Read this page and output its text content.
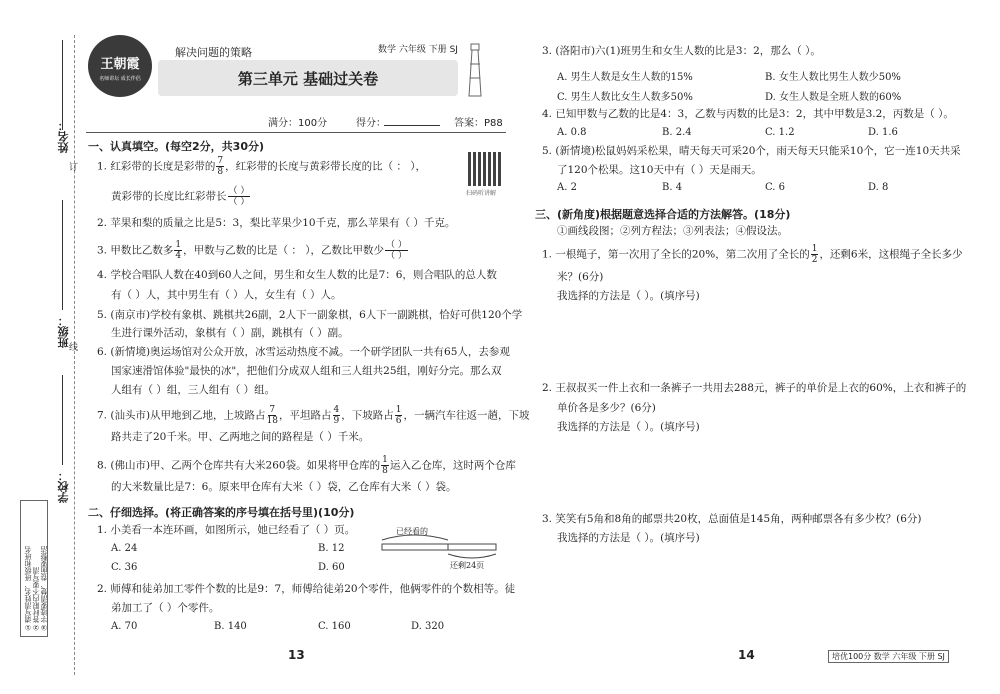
姓名：
班级：
学校：
订
线
①请写清姓名、班级和班名 ②答时限内不要写清 ③字迹要清楚、卷面要整洁
王朝霞
名师讲坛 成长伴侣
解决问题的策略	数学 六年级 下册 SJ
第三单元 基础过关卷
满分：100分	得分：	答案：P88
扫码听讲解
一、认真填空。(每空2分，共30分)
1. 红彩带的长度是彩带的 $\frac{7}{8}$ ，红彩带的长度与黄彩带长度的比（ ： ），
黄彩带的长度比红彩带长 $\frac{( )}{( )}$
2. 苹果和梨的质量之比是5：3，梨比苹果少10千克，那么苹果有（ ）千克。
3. 甲数比乙数多 $\frac{1}{4}$ ，甲数与乙数的比是（ ： ），乙数比甲数少 $\frac{( )}{( )}$
4. 学校合唱队人数在40到60人之间，男生和女生人数的比是7：6，则合唱队的总人数
有（ ）人，其中男生有（ ）人，女生有（ ）人。
5. (南京市)学校有象棋、跳棋共26副，2人下一副象棋，6人下一副跳棋，恰好可供120个学
生进行课外活动，象棋有（ ）副，跳棋有（ ）副。
6. (新情境)奥运场馆对公众开放，冰雪运动热度不减。一个研学团队一共有65人，去参观
国家速滑馆体验"最快的冰"，把他们分成双人组和三人组共25组，刚好分完。那么双
人组有（ ）组，三人组有（ ）组。
7. (汕头市)从甲地到乙地，上坡路占 $\frac{7}{18}$ ，平坦路占 $\frac{4}{9}$ ，下坡路占 $\frac{1}{6}$ ，一辆汽车往返一趟，下坡
路共走了20千米。甲、乙两地之间的路程是（ ）千米。
8. (佛山市)甲、乙两个仓库共有大米260袋。如果将甲仓库的 $\frac{1}{8}$ 运入乙仓库，这时两个仓库
的大米数量比是7：6。原来甲仓库有大米（ ）袋，乙仓库有大米（ ）袋。
二、仔细选择。(将正确答案的序号填在括号里)(10分)
1. 小美看一本连环画，如图所示，她已经看了（ ）页。
A. 24	B. 12
C. 36	D. 60
已经看的
还剩24页
2. 师傅和徒弟加工零件个数的比是9：7，师傅给徒弟20个零件，他俩零件的个数相等。徒
弟加工了（ ）个零件。
A. 70	B. 140	C. 160	D. 320
13
3. (洛阳市)六(1)班男生和女生人数的比是3：2，那么（ ）。
A. 男生人数是女生人数的15%	B. 女生人数比男生人数少50%
C. 男生人数比女生人数多50%	D. 女生人数是全班人数的60%
4. 已知甲数与乙数的比是4：3，乙数与丙数的比是3：2，其中甲数是3.2，丙数是（ ）。
A. 0.8	B. 2.4	C. 1.2	D. 1.6
5. (新情境)松鼠妈妈采松果，晴天每天可采20个，雨天每天只能采10个，它一连10天共采
了120个松果。这10天中有（ ）天是雨天。
A. 2	B. 4	C. 6	D. 8
三、(新角度)根据题意选择合适的方法解答。(18分)
①画线段图；②列方程法；③列表法；④假设法。
1. 一根绳子，第一次用了全长的20%，第二次用了全长的 $\frac{1}{2}$ ，还剩6米，这根绳子全长多少
米？(6分)
我选择的方法是（ ）。(填序号)
2. 王叔叔买一件上衣和一条裤子一共用去288元，裤子的单价是上衣的60%，上衣和裤子的
单价各是多少？(6分)
我选择的方法是（ ）。(填序号)
3. 笑笑有5角和8角的邮票共20枚，总面值是145角，两种邮票各有多少枚？(6分)
我选择的方法是（ ）。(填序号)
14	培优100分 数学 六年级 下册 SJ
